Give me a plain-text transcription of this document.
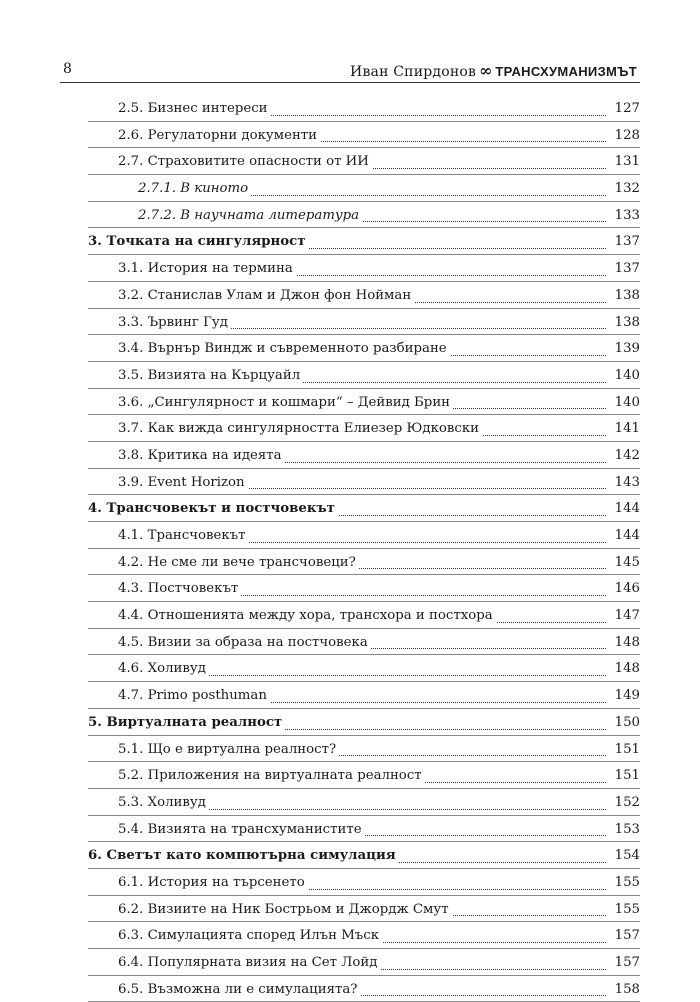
8	Иван Спирдонов ∞ ТРАНСХУМАНИЗМЪТ
2.5. Бизнес интереси	127
2.6. Регулаторни документи	128
2.7. Страховитите опасности от ИИ	131
2.7.1. В киното	132
2.7.2. В научната литература	133
3. Точката на сингулярност	137
3.1. История на термина	137
3.2. Станислав Улам и Джон фон Нойман	138
3.3. Ървинг Гуд	138
3.4. Върнър Виндж и съвременното разбиране	139
3.5. Визията на Кърцуайл	140
3.6. „Сингулярност и кошмари“ – Дейвид Брин	140
3.7. Как вижда сингулярността Елиезер Юдковски	141
3.8. Критика на идеята	142
3.9. Event Horizon	143
4. Трансчовекът и постчовекът	144
4.1. Трансчовекът	144
4.2. Не сме ли вече трансчовеци?	145
4.3. Постчовекът	146
4.4. Отношенията между хора, трансхора и постхора	147
4.5. Визии за образа на постчовека	148
4.6. Холивуд	148
4.7. Primo posthuman	149
5. Виртуалната реалност	150
5.1. Що е виртуална реалност?	151
5.2. Приложения на виртуалната реалност	151
5.3. Холивуд	152
5.4. Визията на трансхуманистите	153
6. Светът като компютърна симулация	154
6.1. История на търсенето	155
6.2. Визиите на Ник Бострьом и Джордж Смут	155
6.3. Симулацията според Илън Мъск	157
6.4. Популярната визия на Сет Лойд	157
6.5. Възможна ли е симулацията?	158
